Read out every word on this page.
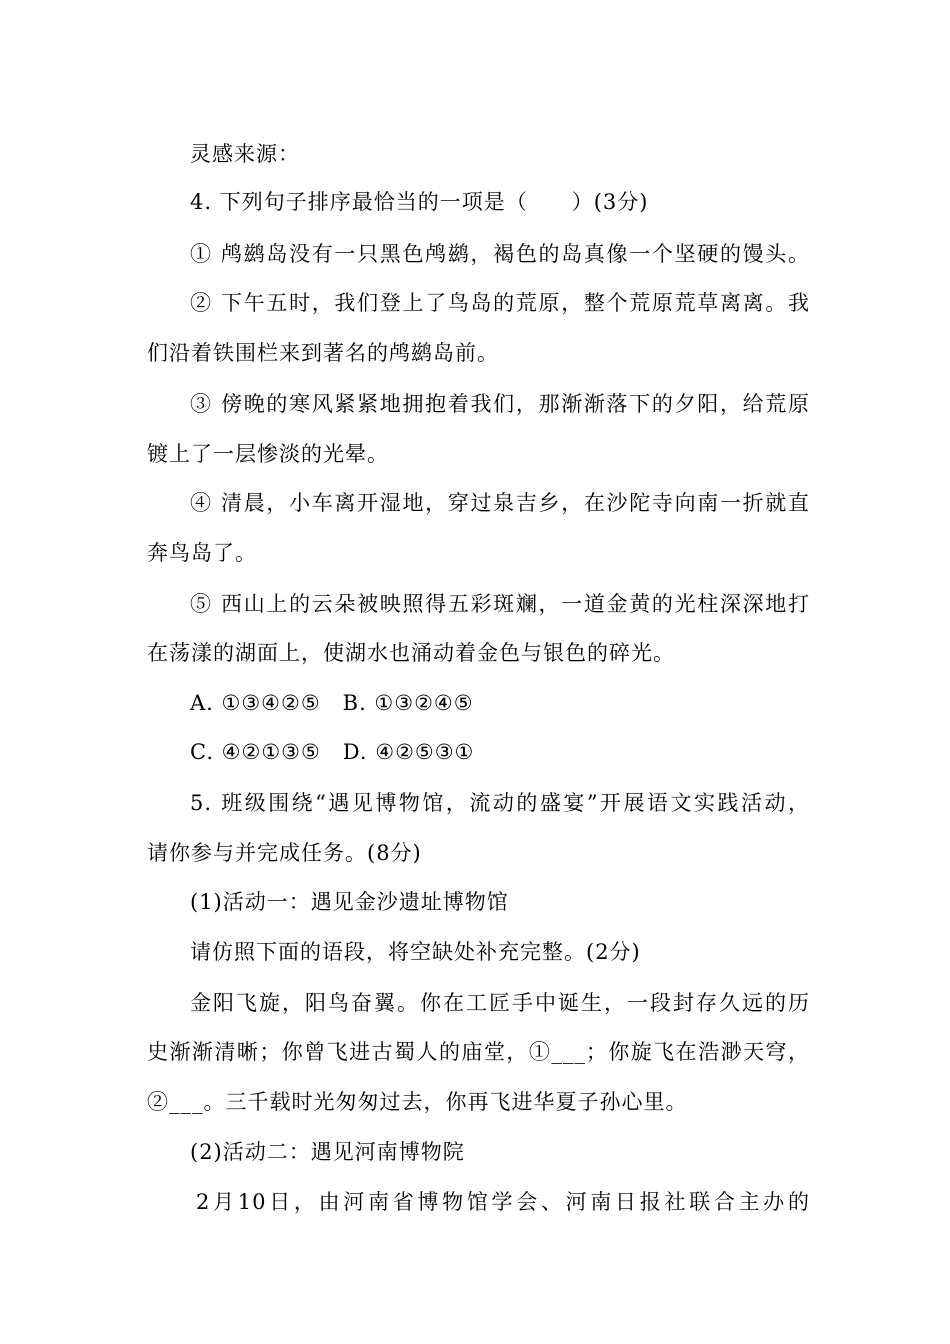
灵感来源：
4. 下列句子排序最恰当的一项是（　　）(3分)
① 鸬鹚岛没有一只黑色鸬鹚，褐色的岛真像一个坚硬的馒头。
② 下午五时，我们登上了鸟岛的荒原，整个荒原荒草离离。我
们沿着铁围栏来到著名的鸬鹚岛前。
③ 傍晚的寒风紧紧地拥抱着我们，那渐渐落下的夕阳，给荒原
镀上了一层惨淡的光晕。
④ 清晨，小车离开湿地，穿过泉吉乡，在沙陀寺向南一折就直
奔鸟岛了。
⑤ 西山上的云朵被映照得五彩斑斓，一道金黄的光柱深深地打
在荡漾的湖面上，使湖水也涌动着金色与银色的碎光。
A. ①③④②⑤　B. ①③②④⑤
C. ④②①③⑤　D. ④②⑤③①
5. 班级围绕“遇见博物馆，流动的盛宴”开展语文实践活动，
请你参与并完成任务。(8分)
(1)活动一：遇见金沙遗址博物馆
请仿照下面的语段，将空缺处补充完整。(2分)
金阳飞旋，阳鸟奋翼。你在工匠手中诞生，一段封存久远的历
史渐渐清晰；你曾飞进古蜀人的庙堂，①___；你旋飞在浩渺天穹，
②___。三千载时光匆匆过去，你再飞进华夏子孙心里。
(2)活动二：遇见河南博物院
2月10日，由河南省博物馆学会、河南日报社联合主办的
